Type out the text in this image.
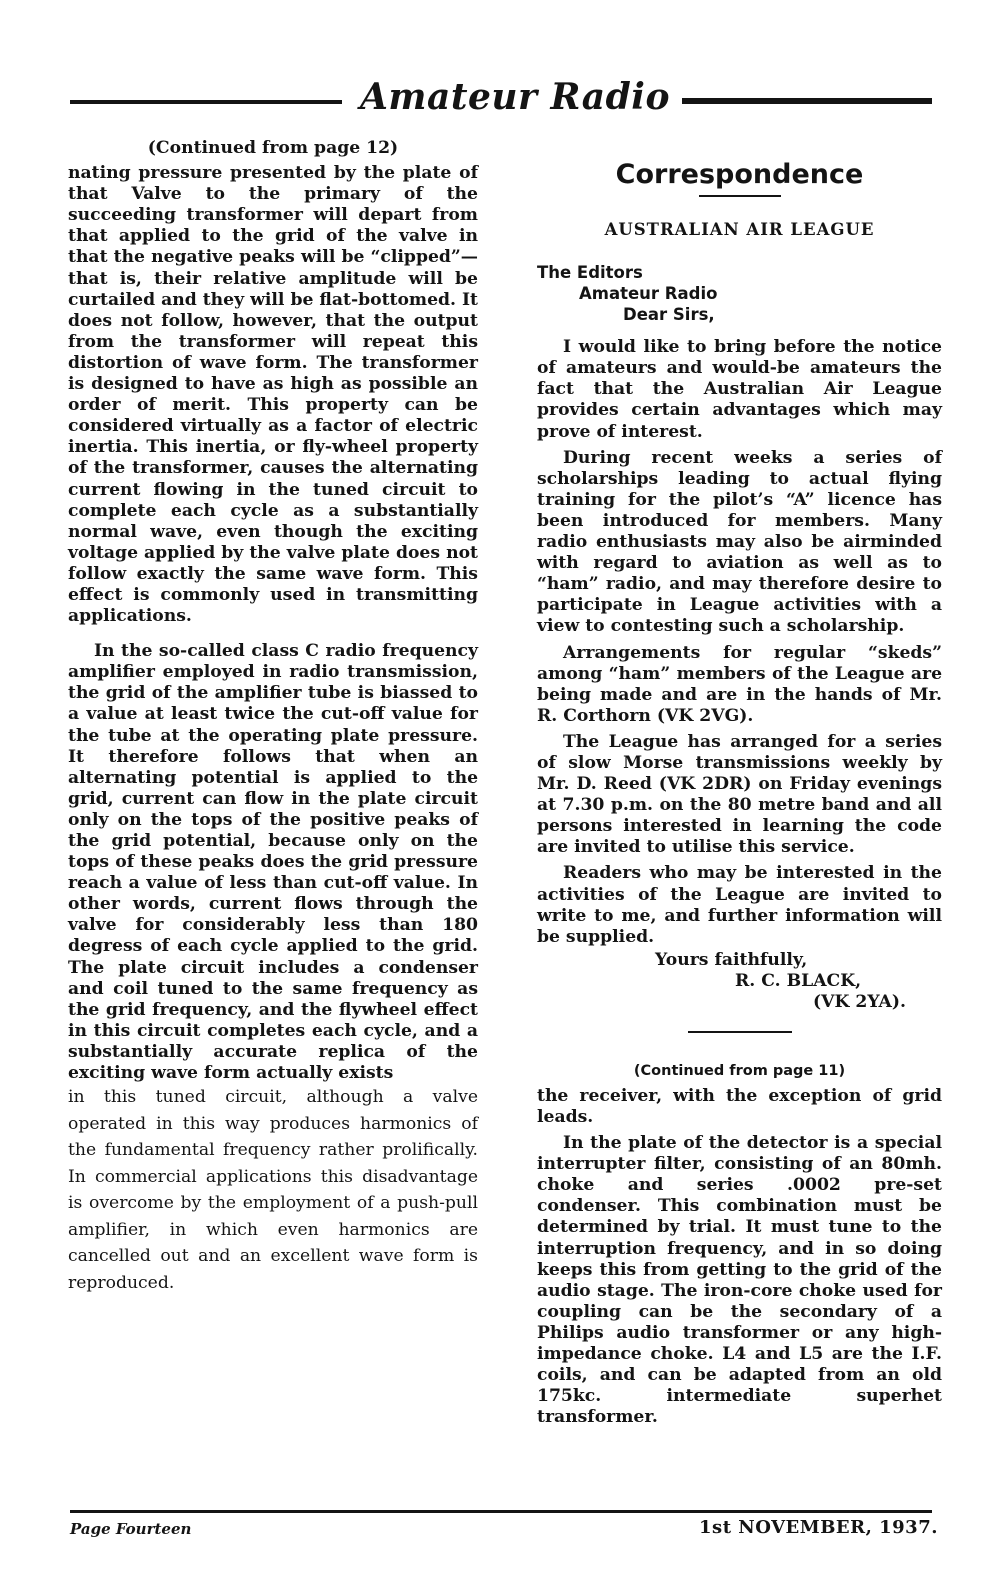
Amateur Radio
(Continued from page 12)

nating pressure presented by the plate of that Valve to the primary of the succeeding transformer will depart from that applied to the grid of the valve in that the negative peaks will be “clipped”—that is, their relative amplitude will be curtailed and they will be flat-bottomed. It does not follow, however, that the output from the transformer will repeat this distortion of wave form. The transformer is designed to have as high as possible an order of merit. This property can be considered virtually as a factor of electric inertia. This inertia, or fly-wheel property of the transformer, causes the alternating current flowing in the tuned circuit to complete each cycle as a substantially normal wave, even though the exciting voltage applied by the valve plate does not follow exactly the same wave form. This effect is commonly used in transmitting applications.

In the so-called class C radio frequency amplifier employed in radio transmission, the grid of the amplifier tube is biassed to a value at least twice the cut-off value for the tube at the operating plate pressure. It therefore follows that when an alternating potential is applied to the grid, current can flow in the plate circuit only on the tops of the positive peaks of the grid potential, because only on the tops of these peaks does the grid pressure reach a value of less than cut-off value. In other words, current flows through the valve for considerably less than 180 degress of each cycle applied to the grid. The plate circuit includes a condenser and coil tuned to the same frequency as the grid frequency, and the flywheel effect in this circuit completes each cycle, and a substantially accurate replica of the exciting wave form actually exists

in this tuned circuit, although a valve operated in this way produces harmonics of the fundamental frequency rather prolifically. In commercial applications this disadvantage is overcome by the employment of a push-pull amplifier, in which even harmonics are cancelled out and an excellent wave form is reproduced.

Correspondence
AUSTRALIAN AIR LEAGUE
The Editors
Amateur Radio
Dear Sirs,

I would like to bring before the notice of amateurs and would-be amateurs the fact that the Australian Air League provides certain advantages which may prove of interest.

During recent weeks a series of scholarships leading to actual flying training for the pilot’s “A” licence has been introduced for members. Many radio enthusiasts may also be airminded with regard to aviation as well as to “ham” radio, and may therefore desire to participate in League activities with a view to contesting such a scholarship.

Arrangements for regular “skeds” among “ham” members of the League are being made and are in the hands of Mr. R. Corthorn (VK 2VG).

The League has arranged for a series of slow Morse transmissions weekly by Mr. D. Reed (VK 2DR) on Friday evenings at 7.30 p.m. on the 80 metre band and all persons interested in learning the code are invited to utilise this service.

Readers who may be interested in the activities of the League are invited to write to me, and further information will be supplied.

Yours faithfully,
R. C. BLACK,
(VK 2YA).
(Continued from page 11)

the receiver, with the exception of grid leads.

In the plate of the detector is a special interrupter filter, consisting of an 80mh. choke and series .0002 pre-set condenser. This combination must be determined by trial. It must tune to the interruption frequency, and in so doing keeps this from getting to the grid of the audio stage. The iron-core choke used for coupling can be the secondary of a Philips audio transformer or any high-impedance choke. L4 and L5 are the I.F. coils, and can be adapted from an old 175kc. intermediate superhet transformer.

Page Fourteen	1st NOVEMBER, 1937.
